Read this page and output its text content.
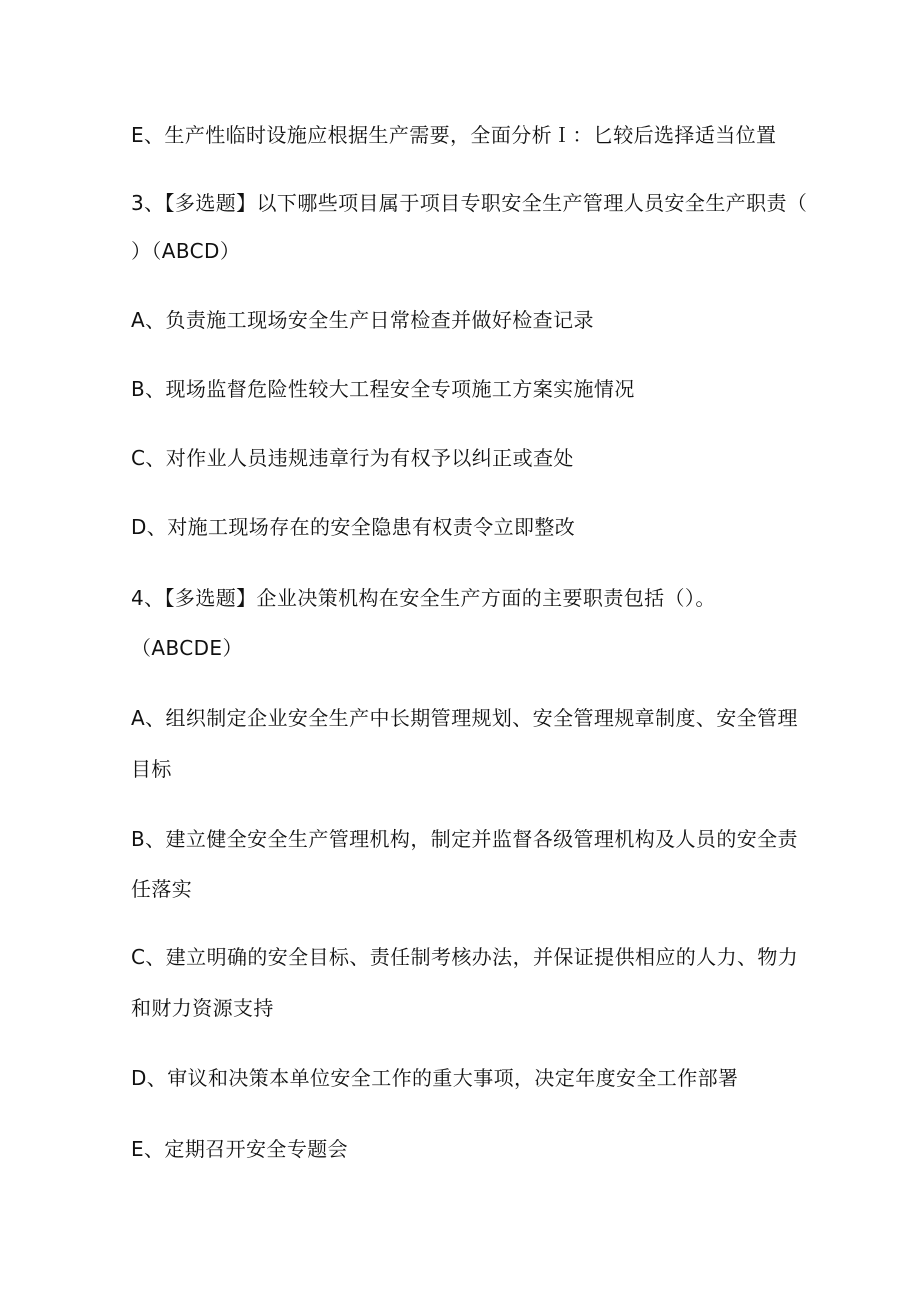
E、生产性临时设施应根据生产需要，全面分析Ｉ：匕较后选择适当位置
3、【多选题】以下哪些项目属于项目专职安全生产管理人员安全生产职责（
）（ABCD）
A、负责施工现场安全生产日常检查并做好检查记录
B、现场监督危险性较大工程安全专项施工方案实施情况
C、对作业人员违规违章行为有权予以纠正或查处
D、对施工现场存在的安全隐患有权责令立即整改
4、【多选题】企业决策机构在安全生产方面的主要职责包括（）。
（ABCDE）
A、组织制定企业安全生产中长期管理规划、安全管理规章制度、安全管理
目标
B、建立健全安全生产管理机构，制定并监督各级管理机构及人员的安全责
任落实
C、建立明确的安全目标、责任制考核办法，并保证提供相应的人力、物力
和财力资源支持
D、审议和决策本单位安全工作的重大事项，决定年度安全工作部署
E、定期召开安全专题会
